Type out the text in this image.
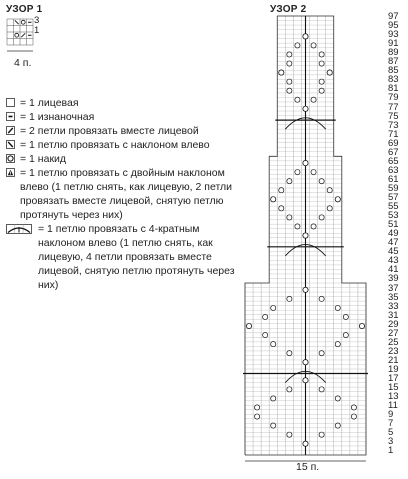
УЗОР 1
3
1
4 п.
= 1 лицевая
= 1 изнаночная
= 2 петли провязать вместе лицевой
= 1 петлю провязать с наклоном влево
= 1 накид
= 1 петлю провязать с двойным наклоном влево (1 петлю снять, как лицевую, 2 петли провязать вместе лицевой, снятую петлю протянуть через них)
= 1 петлю провязать с 4-кратным наклоном влево (1 петлю снять, как лицевую, 4 петли провязать вместе лицевой, снятую петлю протянуть через них)
УЗОР 2
97
95
93
91
89
87
85
83
81
79
77
75
73
71
69
67
65
63
61
59
57
55
53
51
49
47
45
43
41
39
37
35
33
31
29
27
25
23
21
19
17
15
13
11
9
7
5
3
1
15 п.
